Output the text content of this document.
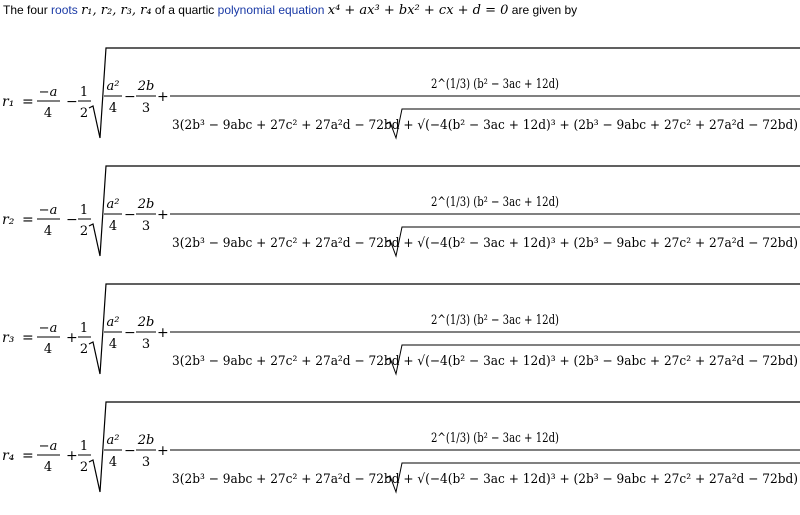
The four roots r₁, r₂, r₃, r₄ of a quartic polynomial equation x⁴ + ax³ + bx² + cx + d = 0 are given by
r₁ =
−a
4
−
1
2
a²
4
−
2b
3
+
2^(1/3) (b² − 3ac + 12d)
3(2b³ − 9abc + 27c² + 27a²d − 72bd + √(−4(b² − 3ac + 12d)³ + (2b³ − 9abc + 27c² + 27a²d − 72bd)
r₂ =
−a
4
−
1
2
a²
4
−
2b
3
+
2^(1/3) (b² − 3ac + 12d)
3(2b³ − 9abc + 27c² + 27a²d − 72bd + √(−4(b² − 3ac + 12d)³ + (2b³ − 9abc + 27c² + 27a²d − 72bd)
r₃ =
−a
4
+
1
2
a²
4
−
2b
3
+
2^(1/3) (b² − 3ac + 12d)
3(2b³ − 9abc + 27c² + 27a²d − 72bd + √(−4(b² − 3ac + 12d)³ + (2b³ − 9abc + 27c² + 27a²d − 72bd)
r₄ =
−a
4
+
1
2
a²
4
−
2b
3
+
2^(1/3) (b² − 3ac + 12d)
3(2b³ − 9abc + 27c² + 27a²d − 72bd + √(−4(b² − 3ac + 12d)³ + (2b³ − 9abc + 27c² + 27a²d − 72bd)
